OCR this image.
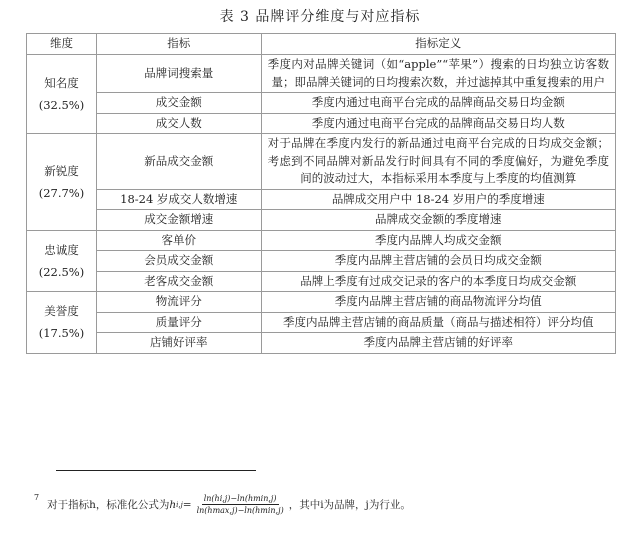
表 3 品牌评分维度与对应指标
维度	指标	指标定义

知名度
(32.5%)	品牌词搜索量	季度内对品牌关键词（如“apple”“苹果”）搜索的日均独立访客数量；即品牌关键词的日均搜索次数，并过滤掉其中重复搜索的用户
	成交金额	季度内通过电商平台完成的品牌商品交易日均金额
	成交人数	季度内通过电商平台完成的品牌商品交易日均人数

新锐度
(27.7%)	新品成交金额	对于品牌在季度内发行的新品通过电商平台完成的日均成交金额；考虑到不同品牌对新品发行时间具有不同的季度偏好，为避免季度间的波动过大，本指标采用本季度与上季度的均值测算
	18-24 岁成交人数增速	品牌成交用户中 18-24 岁用户的季度增速
	成交金额增速	品牌成交金额的季度增速

忠诚度
(22.5%)	客单价	季度内品牌人均成交金额
	会员成交金额	季度内品牌主营店铺的会员日均成交金额
	老客成交金额	品牌上季度有过成交记录的客户的本季度日均成交金额

美誉度
(17.5%)	物流评分	季度内品牌主营店铺的商品物流评分均值
	质量评分	季度内品牌主营店铺的商品质量（商品与描述相符）评分均值
	店铺好评率	季度内品牌主营店铺的好评率
7
对于指标h，标准化公式为 h $i,j = \frac{\ln(hi,j)-\ln(hmin,j)}{\ln(hmax,j)-\ln(hmin,j)}$ ，其中i为品牌，j为行业。
